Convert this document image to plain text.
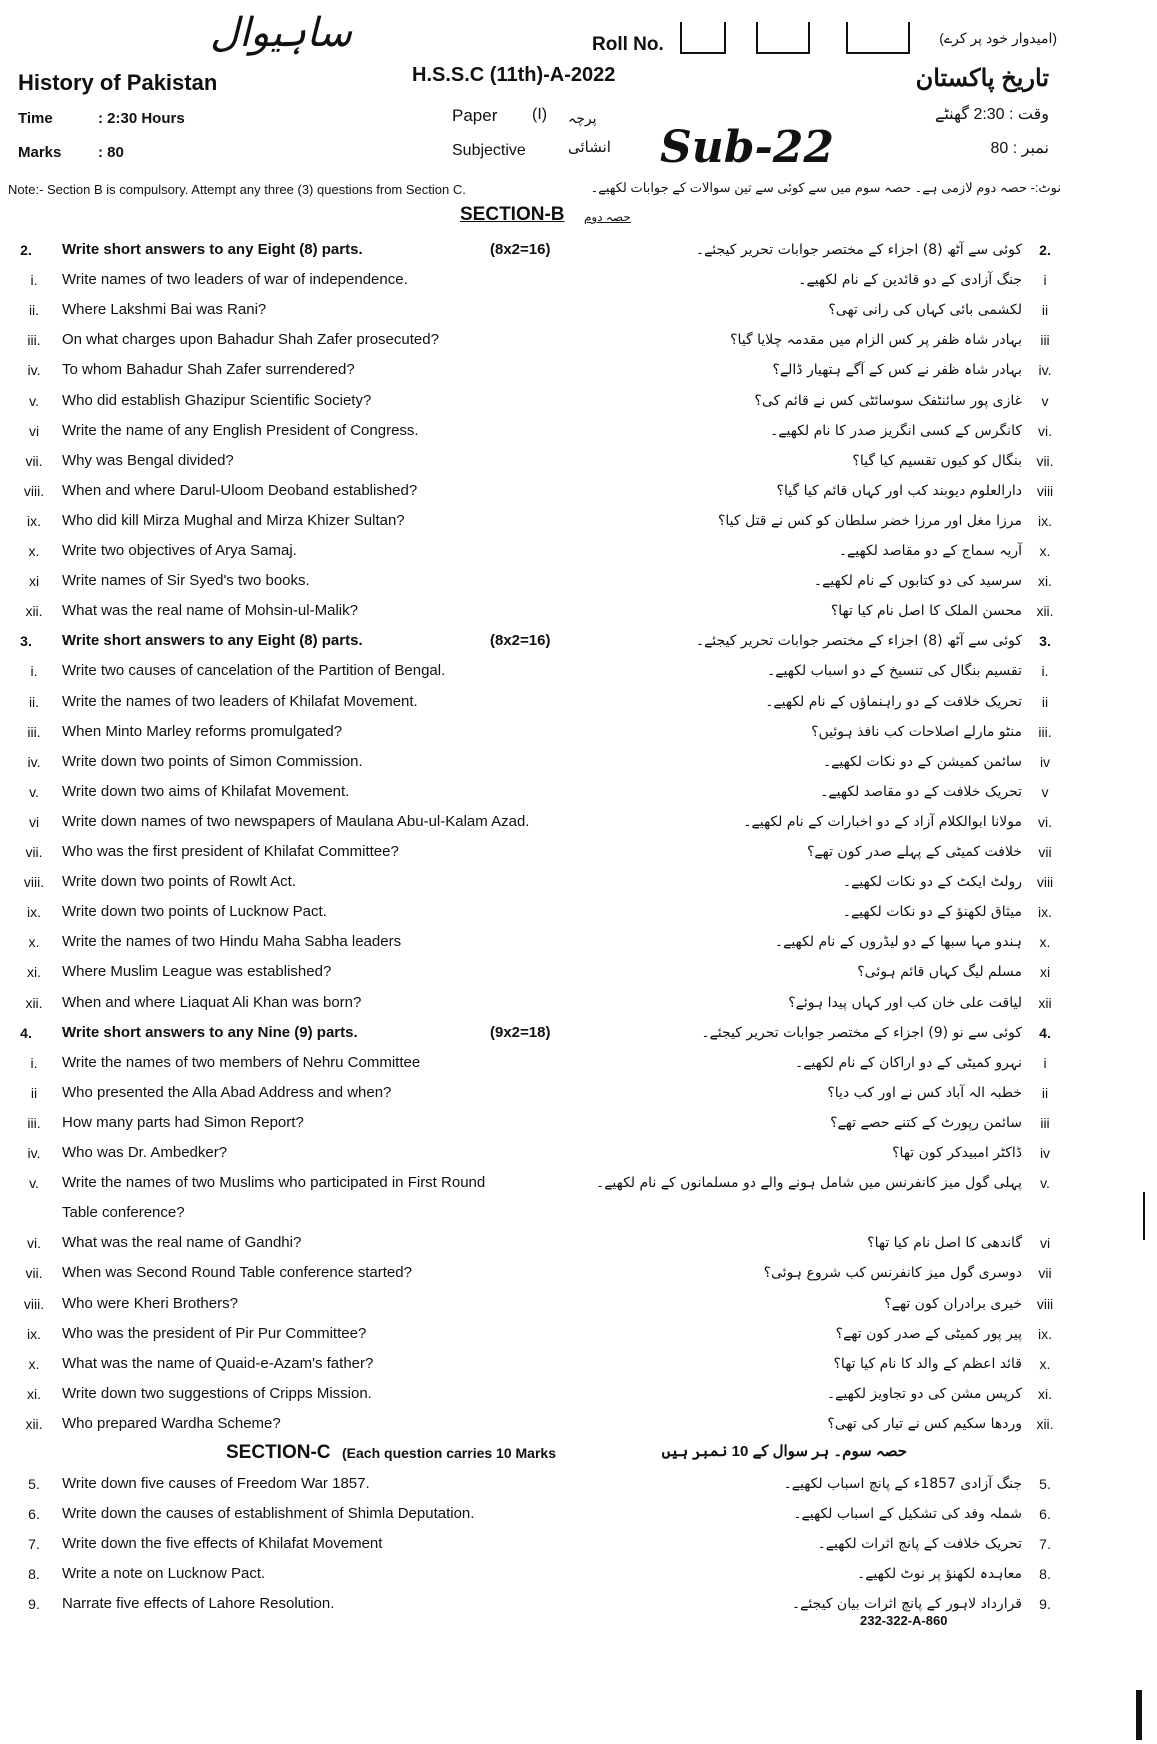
ساہیوال	Roll No.	(امیدوار خود پر کرے)
History of Pakistan	H.S.S.C (11th)-A-2022	تاریخ پاکستان
Time	: 2:30 Hours	Paper (I) پرچہ	وقت : 2:30 گھنٹے
Marks : 80	Subjective	انشائی Sub-22	نمبر : 80
Note:- Section B is compulsory. Attempt any three (3) questions from Section C.	نوٹ:- حصہ دوم لازمی ہے۔ حصہ سوم میں سے کوئی سے تین سوالات کے جوابات لکھیے۔
SECTION-B حصہ دوم
2.	Write short answers to any Eight (8) parts.	(8x2=16)	کوئی سے آٹھ (8) اجزاء کے مختصر جوابات تحریر کیجئے۔	2.
i.	Write names of two leaders of war of independence.	جنگ آزادی کے دو قائدین کے نام لکھیے۔	i
ii.	Where Lakshmi Bai was Rani?	لکشمی بائی کہاں کی رانی تھی؟	ii
iii.	On what charges upon Bahadur Shah Zafer prosecuted?	بہادر شاہ ظفر پر کس الزام میں مقدمہ چلایا گیا؟	iii
iv.	To whom Bahadur Shah Zafer surrendered?	بہادر شاہ ظفر نے کس کے آگے ہتھیار ڈالے؟	iv.
v.	Who did establish Ghazipur Scientific Society?	غازی پور سائنٹفک سوسائٹی کس نے قائم کی؟	v
vi	Write the name of any English President of Congress.	کانگرس کے کسی انگریز صدر کا نام لکھیے۔	vi.
vii.	Why was Bengal divided?	بنگال کو کیوں تقسیم کیا گیا؟	vii.
viii.	When and where Darul-Uloom Deoband established?	دارالعلوم دیوبند کب اور کہاں قائم کیا گیا؟	viii
ix.	Who did kill Mirza Mughal and Mirza Khizer Sultan?	مرزا مغل اور مرزا خضر سلطان کو کس نے قتل کیا؟	ix.
x.	Write two objectives of Arya Samaj.	آریہ سماج کے دو مقاصد لکھیے۔	x.
xi	Write names of Sir Syed's two books.	سرسید کی دو کتابوں کے نام لکھیے۔	xi.
xii.	What was the real name of Mohsin-ul-Malik?	محسن الملک کا اصل نام کیا تھا؟	xii.
3.	Write short answers to any Eight (8) parts.	(8x2=16)	کوئی سے آٹھ (8) اجزاء کے مختصر جوابات تحریر کیجئے۔	3.
i.	Write two causes of cancelation of the Partition of Bengal.	تقسیم بنگال کی تنسیخ کے دو اسباب لکھیے۔	i.
ii.	Write the names of two leaders of Khilafat Movement.	تحریک خلافت کے دو راہنماؤں کے نام لکھیے۔	ii
iii.	When Minto Marley reforms promulgated?	منٹو مارلے اصلاحات کب نافذ ہوئیں؟	iii.
iv.	Write down two points of Simon Commission.	سائمن کمیشن کے دو نکات لکھیے۔	iv
v.	Write down two aims of Khilafat Movement.	تحریک خلافت کے دو مقاصد لکھیے۔	v
vi	Write down names of two newspapers of Maulana Abu-ul-Kalam Azad.	مولانا ابوالکلام آزاد کے دو اخبارات کے نام لکھیے۔	vi.
vii.	Who was the first president of Khilafat Committee?	خلافت کمیٹی کے پہلے صدر کون تھے؟	vii
viii.	Write down two points of Rowlt Act.	رولٹ ایکٹ کے دو نکات لکھیے۔	viii
ix.	Write down two points of Lucknow Pact.	میثاق لکھنؤ کے دو نکات لکھیے۔	ix.
x.	Write the names of two Hindu Maha Sabha leaders	ہندو مہا سبھا کے دو لیڈروں کے نام لکھیے۔	x.
xi.	Where Muslim League was established?	مسلم لیگ کہاں قائم ہوئی؟	xi
xii.	When and where Liaquat Ali Khan was born?	لیاقت علی خان کب اور کہاں پیدا ہوئے؟	xii
4.	Write short answers to any Nine (9) parts.	(9x2=18)	کوئی سے نو (9) اجزاء کے مختصر جوابات تحریر کیجئے۔	4.
i.	Write the names of two members of Nehru Committee	نہرو کمیٹی کے دو اراکان کے نام لکھیے۔	i
ii	Who presented the Alla Abad Address and when?	خطبہ الہ آباد کس نے اور کب دیا؟	ii
iii.	How many parts had Simon Report?	سائمن رپورٹ کے کتنے حصے تھے؟	iii
iv.	Who was Dr. Ambedker?	ڈاکٹر امبیدکر کون تھا؟	iv
v.	Write the names of two Muslims who participated in First Round	پہلی گول میز کانفرنس میں شامل ہونے والے دو مسلمانوں کے نام لکھیے۔	v.
Table conference?
vi.	What was the real name of Gandhi?	گاندھی کا اصل نام کیا تھا؟	vi
vii.	When was Second Round Table conference started?	دوسری گول میز کانفرنس کب شروع ہوئی؟	vii
viii.	Who were Kheri Brothers?	خیری برادران کون تھے؟	viii
ix.	Who was the president of Pir Pur Committee?	پیر پور کمیٹی کے صدر کون تھے؟	ix.
x.	What was the name of Quaid-e-Azam's father?	قائد اعظم کے والد کا نام کیا تھا؟	x.
xi.	Write down two suggestions of Cripps Mission.	کرپس مشن کی دو تجاویز لکھیے۔	xi.
xii.	Who prepared Wardha Scheme?	وردھا سکیم کس نے تیار کی تھی؟	xii.
SECTION-C (Each question carries 10 Marks	حصہ سوم۔ ہر سوال کے 10 نمبر ہیں
5.	Write down five causes of Freedom War 1857.	جنگ آزادی 1857ء کے پانچ اسباب لکھیے۔	5.
6.	Write down the causes of establishment of Shimla Deputation.	شملہ وفد کی تشکیل کے اسباب لکھیے۔	6.
7.	Write down the five effects of Khilafat Movement	تحریک خلافت کے پانچ اثرات لکھیے۔	7.
8.	Write a note on Lucknow Pact.	معاہدہ لکھنؤ پر نوٹ لکھیے۔	8.
9.	Narrate five effects of Lahore Resolution.	قرارداد لاہور کے پانچ اثرات بیان کیجئے۔	9.
232-322-A-860
